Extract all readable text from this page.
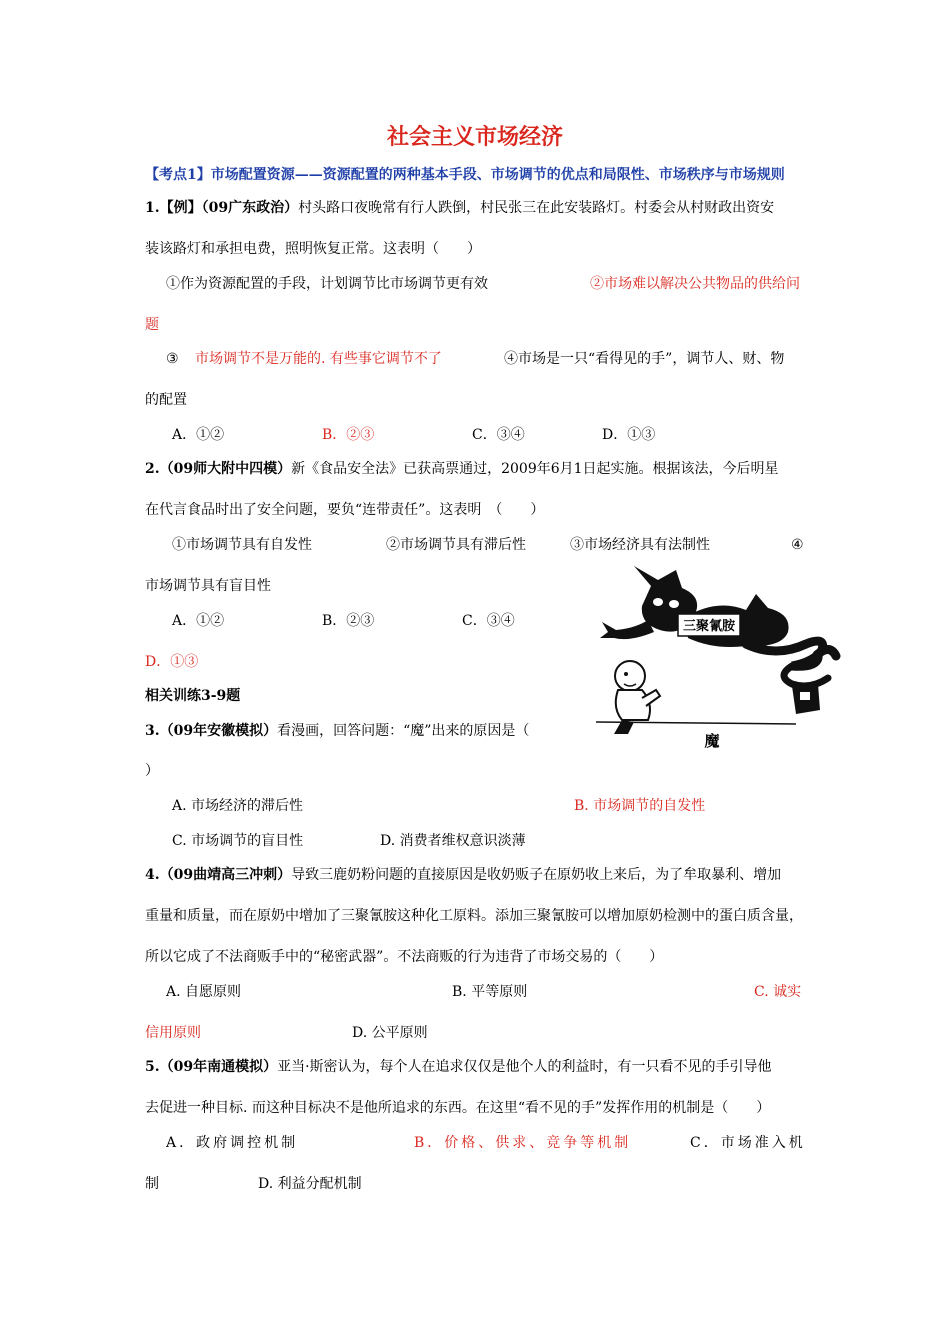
社会主义市场经济
【考点1】市场配置资源——资源配置的两种基本手段、市场调节的优点和局限性、市场秩序与市场规则
1.【例】（09广东政治）村头路口夜晚常有行人跌倒，村民张三在此安装路灯。村委会从村财政出资安
装该路灯和承担电费，照明恢复正常。这表明（　　）
①作为资源配置的手段，计划调节比市场调节更有效	②市场难以解决公共物品的供给问
题
③ 市场调节不是万能的. 有些事它调节不了	④市场是一只“看得见的手”，调节人、财、物
的配置
A．①②	B．②③	C．③④	D．①③
2.（09师大附中四模）新《食品安全法》已获高票通过，2009年6月1日起实施。根据该法，今后明星
在代言食品时出了安全问题，要负“连带责任”。这表明　（　　）
①市场调节具有自发性	②市场调节具有滞后性	③市场经济具有法制性	④
市场调节具有盲目性
A．①②	B．②③	C．③④
D．①③
相关训练3-9题
三聚氰胺
魔
3.（09年安徽模拟）看漫画，回答问题：“魔”出来的原因是（
）
A. 市场经济的滞后性	B. 市场调节的自发性
C. 市场调节的盲目性	D. 消费者维权意识淡薄
4.（09曲靖高三冲刺）导致三鹿奶粉问题的直接原因是收奶贩子在原奶收上来后，为了牟取暴利、增加
重量和质量，而在原奶中增加了三聚氰胺这种化工原料。添加三聚氰胺可以增加原奶检测中的蛋白质含量，
所以它成了不法商贩手中的“秘密武器”。不法商贩的行为违背了市场交易的（　　）
A. 自愿原则	B. 平等原则	C. 诚实
信用原则	D. 公平原则
5.（09年南通模拟）亚当·斯密认为，每个人在追求仅仅是他个人的利益时，有一只看不见的手引导他
去促进一种目标. 而这种目标决不是他所追求的东西。在这里“看不见的手”发挥作用的机制是（　　）
A．政府调控机制	B．价格、供求、竞争等机制	C．市场准入机
制	D. 利益分配机制
